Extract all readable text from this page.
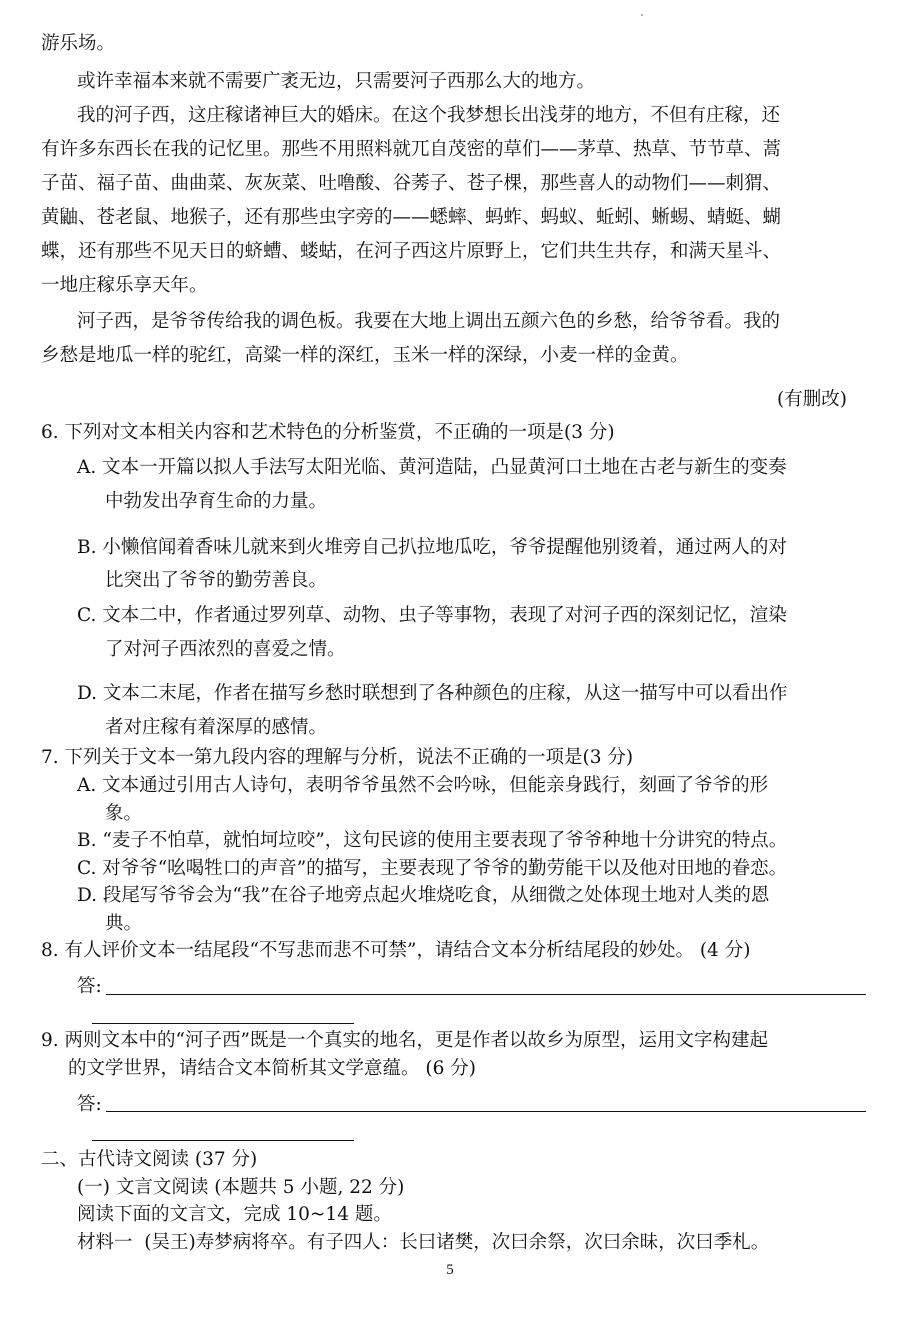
游乐场。
或许幸福本来就不需要广袤无边，只需要河子西那么大的地方。
我的河子西，这庄稼诸神巨大的婚床。在这个我梦想长出浅芽的地方，不但有庄稼，还
有许多东西长在我的记忆里。那些不用照料就兀自茂密的草们——茅草、热草、节节草、蒿
子苗、福子苗、曲曲菜、灰灰菜、吐噜酸、谷莠子、苍子棵，那些喜人的动物们——刺猬、
黄鼬、苍老鼠、地猴子，还有那些虫字旁的——蟋蟀、蚂蚱、蚂蚁、蚯蚓、蜥蜴、蜻蜓、蝴
蝶，还有那些不见天日的蛴螬、蝼蛄，在河子西这片原野上，它们共生共存，和满天星斗、
一地庄稼乐享天年。
河子西，是爷爷传给我的调色板。我要在大地上调出五颜六色的乡愁，给爷爷看。我的
乡愁是地瓜一样的驼红，高粱一样的深红，玉米一样的深绿，小麦一样的金黄。
(有删改)
6. 下列对文本相关内容和艺术特色的分析鉴赏，不正确的一项是(3 分)
A. 文本一开篇以拟人手法写太阳光临、黄河造陆，凸显黄河口土地在古老与新生的变奏
中勃发出孕育生命的力量。
B. 小懒倌闻着香味儿就来到火堆旁自己扒拉地瓜吃，爷爷提醒他别烫着，通过两人的对
比突出了爷爷的勤劳善良。
C. 文本二中，作者通过罗列草、动物、虫子等事物，表现了对河子西的深刻记忆，渲染
了对河子西浓烈的喜爱之情。
D. 文本二末尾，作者在描写乡愁时联想到了各种颜色的庄稼，从这一描写中可以看出作
者对庄稼有着深厚的感情。
7. 下列关于文本一第九段内容的理解与分析，说法不正确的一项是(3 分)
A. 文本通过引用古人诗句，表明爷爷虽然不会吟咏，但能亲身践行，刻画了爷爷的形
象。
B. “麦子不怕草，就怕坷垃咬”，这句民谚的使用主要表现了爷爷种地十分讲究的特点。
C. 对爷爷“吆喝牲口的声音”的描写，主要表现了爷爷的勤劳能干以及他对田地的眷恋。
D. 段尾写爷爷会为“我”在谷子地旁点起火堆烧吃食，从细微之处体现土地对人类的恩
典。
8. 有人评价文本一结尾段“不写悲而悲不可禁”，请结合文本分析结尾段的妙处。 (4 分)
答:
9. 两则文本中的“河子西”既是一个真实的地名，更是作者以故乡为原型，运用文字构建起
的文学世界，请结合文本简析其文学意蕴。 (6 分)
答:
二、古代诗文阅读 (37 分)
(一) 文言文阅读 (本题共 5 小题, 22 分)
阅读下面的文言文，完成 10~14 题。
材料一  (吴王)寿梦病将卒。有子四人：长曰诸樊，次曰余祭，次曰余昧，次曰季札。
5
